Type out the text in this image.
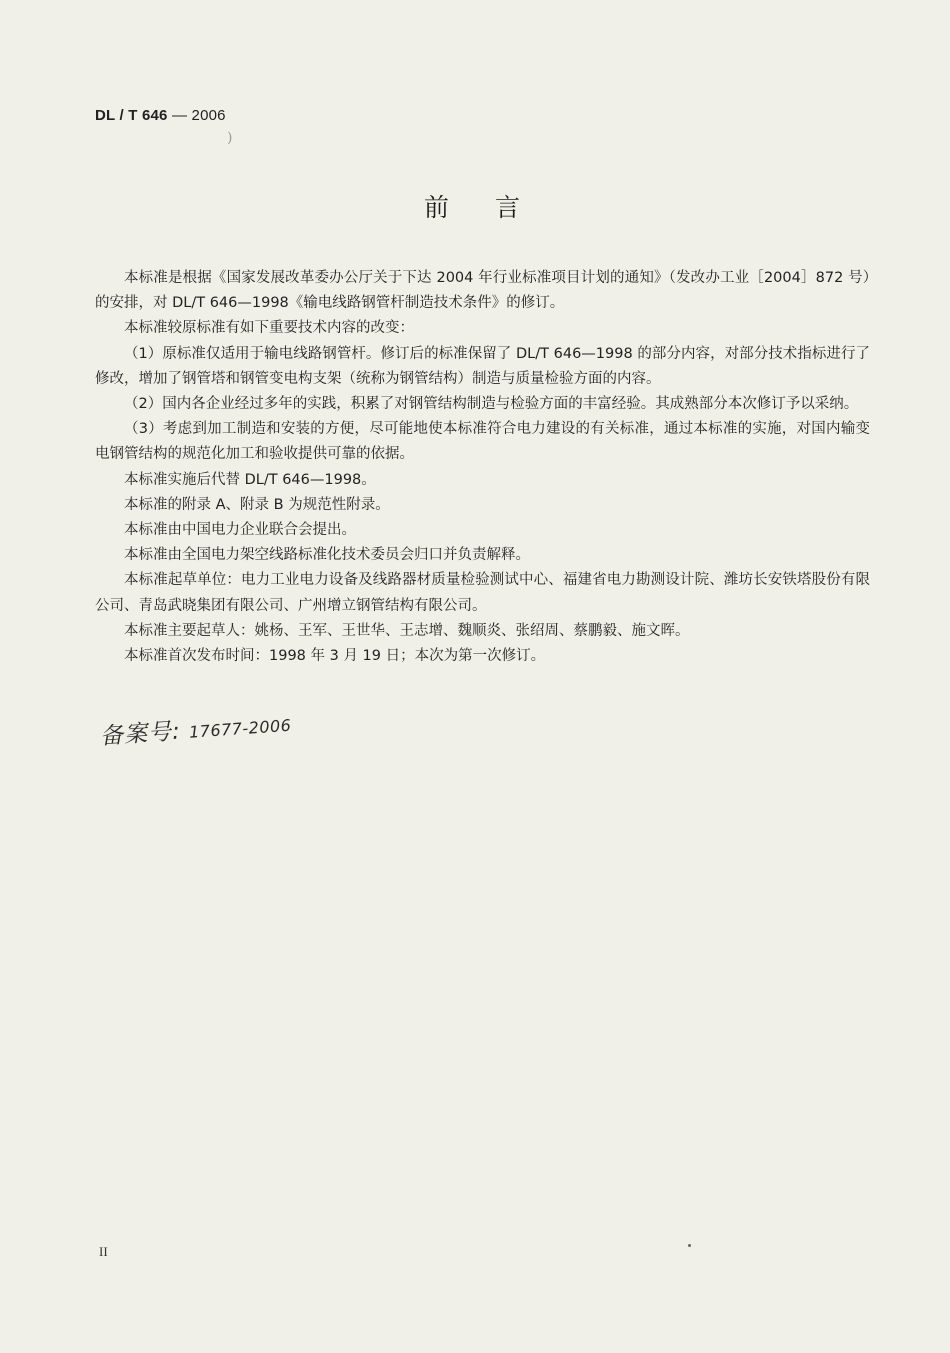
DL / T 646 — 2006
)
前言

本标准是根据《国家发展改革委办公厅关于下达 2004 年行业标准项目计划的通知》（发改办工业［2004］872 号）的安排，对 DL/T 646—1998《输电线路钢管杆制造技术条件》的修订。

本标准较原标准有如下重要技术内容的改变：

（1）原标准仅适用于输电线路钢管杆。修订后的标准保留了 DL/T 646—1998 的部分内容，对部分技术指标进行了修改，增加了钢管塔和钢管变电构支架（统称为钢管结构）制造与质量检验方面的内容。

（2）国内各企业经过多年的实践，积累了对钢管结构制造与检验方面的丰富经验。其成熟部分本次修订予以采纳。

（3）考虑到加工制造和安装的方便，尽可能地使本标准符合电力建设的有关标准，通过本标准的实施，对国内输变电钢管结构的规范化加工和验收提供可靠的依据。

本标准实施后代替 DL/T 646—1998。

本标准的附录 A、附录 B 为规范性附录。

本标准由中国电力企业联合会提出。

本标准由全国电力架空线路标准化技术委员会归口并负责解释。

本标准起草单位：电力工业电力设备及线路器材质量检验测试中心、福建省电力勘测设计院、潍坊长安铁塔股份有限公司、青岛武晓集团有限公司、广州增立钢管结构有限公司。

本标准主要起草人：姚杨、王军、王世华、王志增、魏顺炎、张绍周、蔡鹏毅、施文晖。

本标准首次发布时间：1998 年 3 月 19 日；本次为第一次修订。

备案号: 17677-2006
II
